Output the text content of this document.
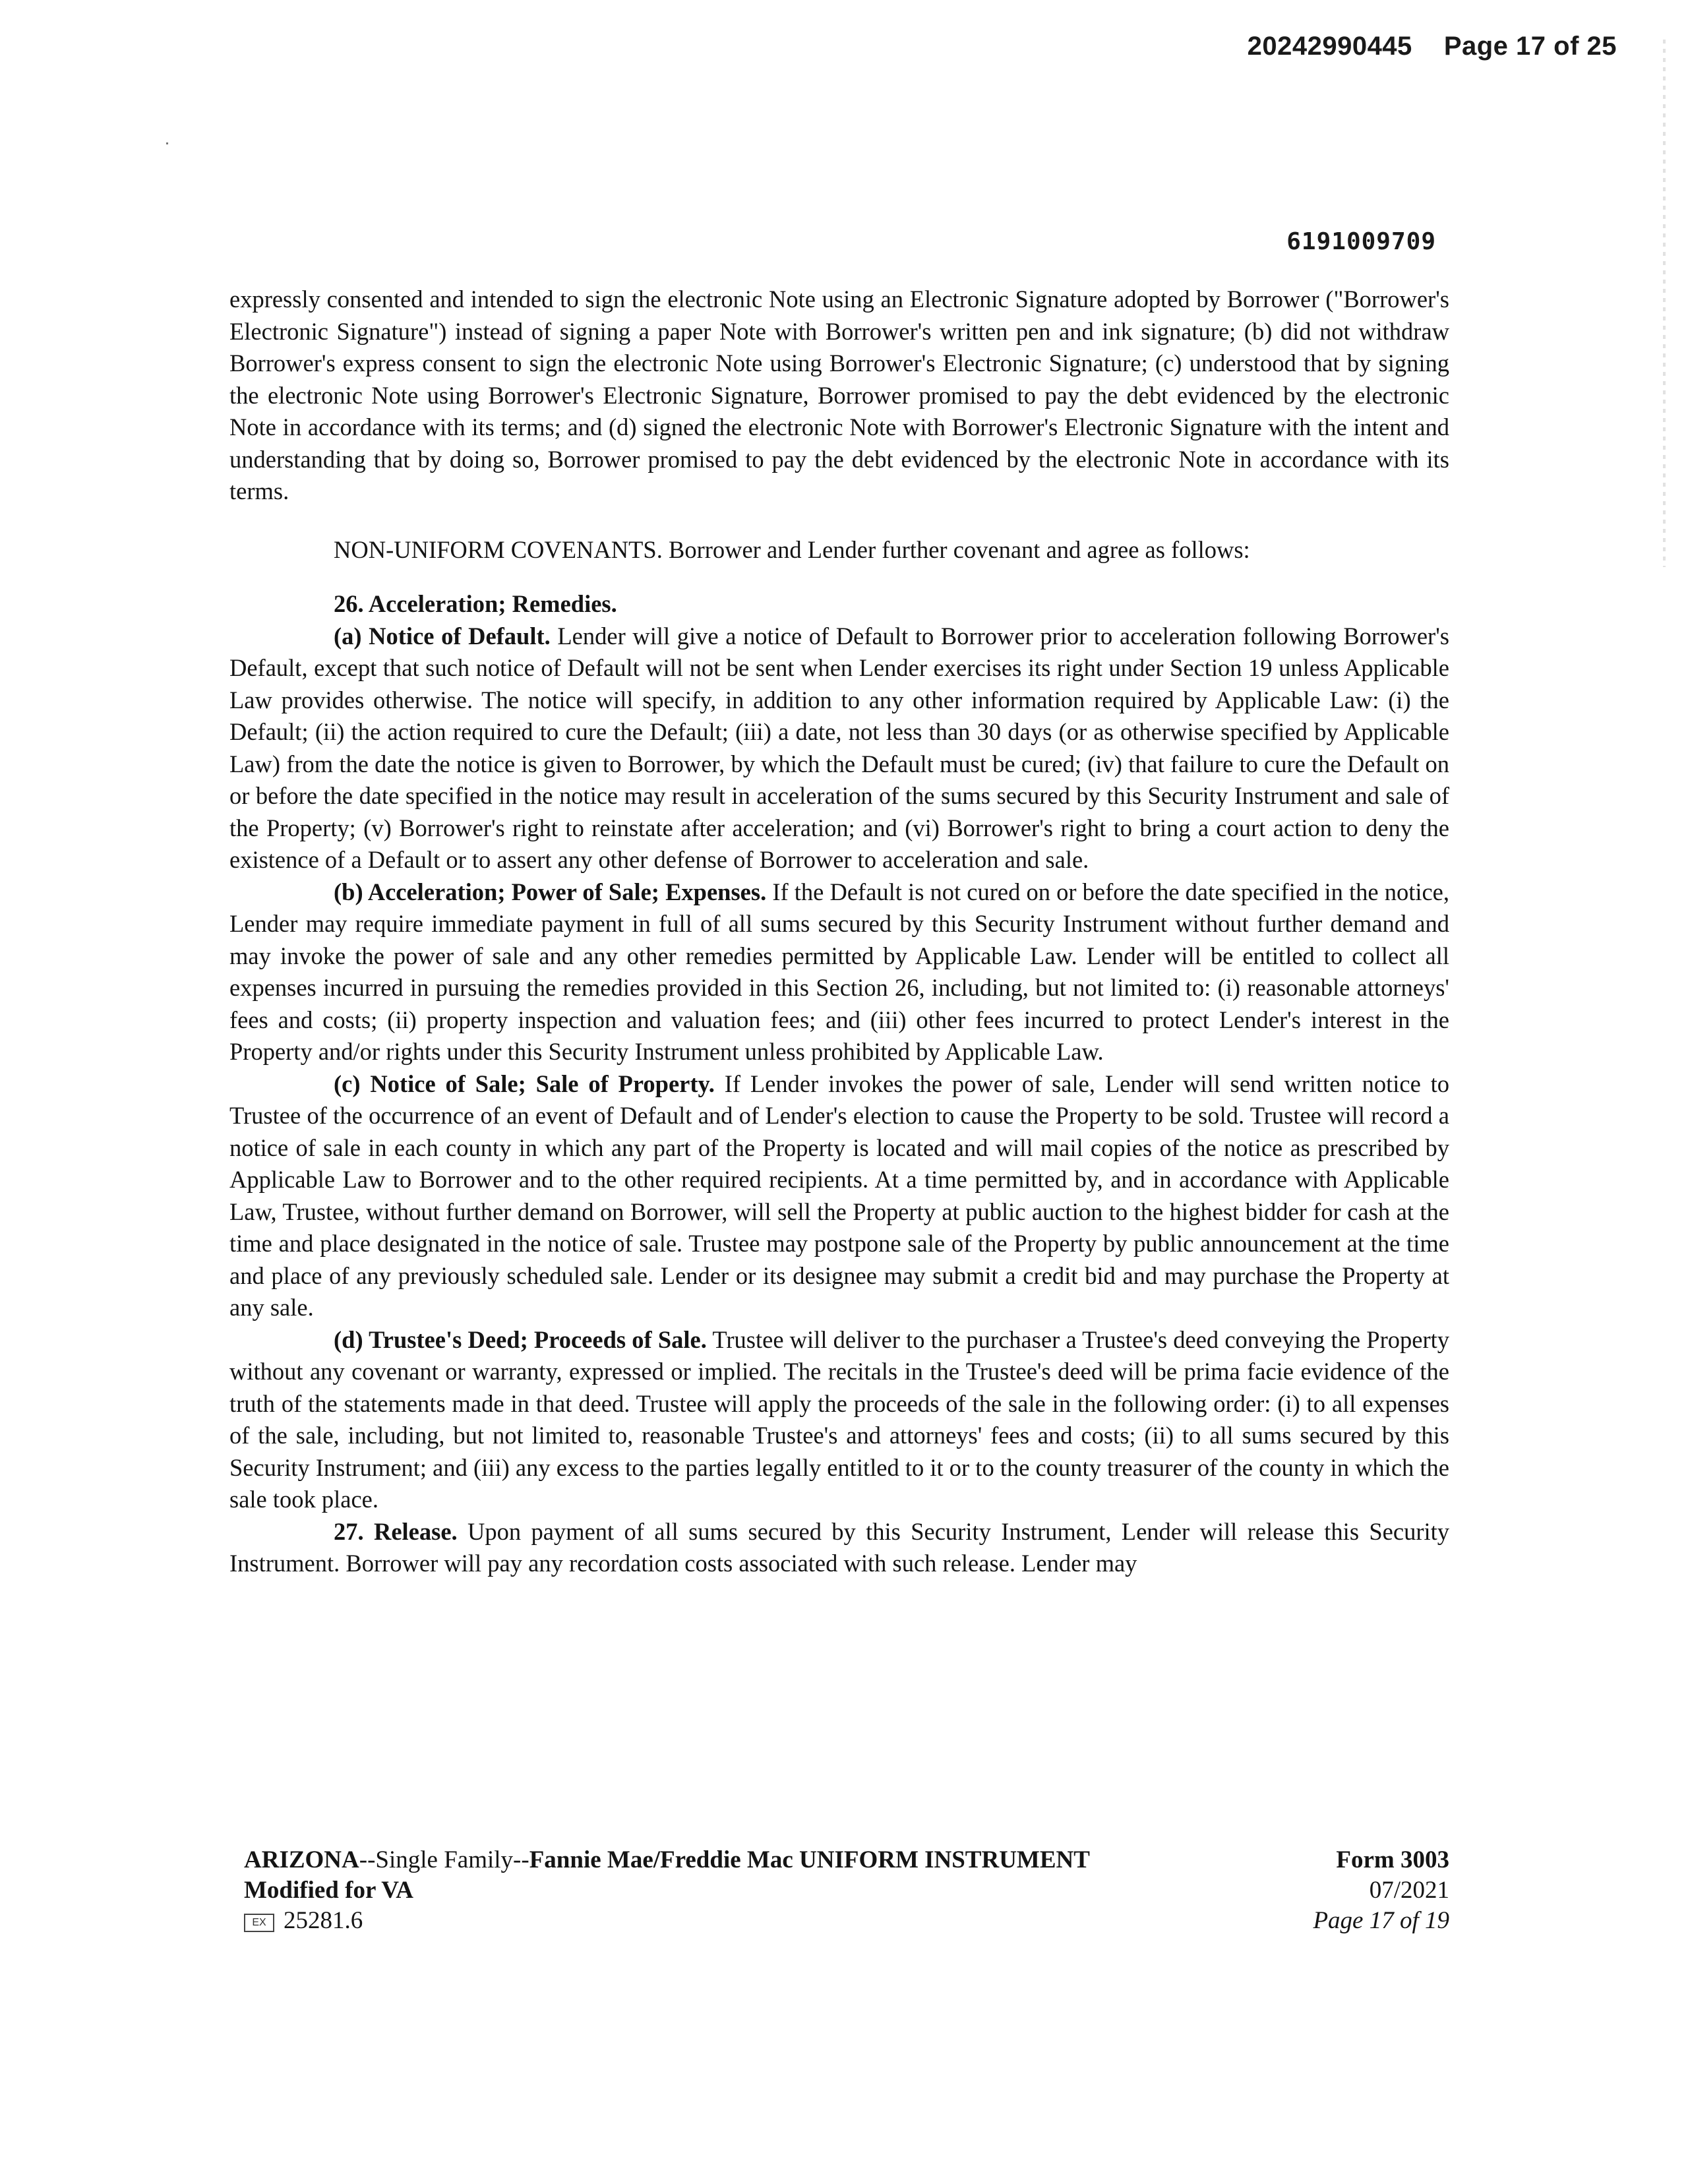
20242990445 Page 17 of 25
6191009709

expressly consented and intended to sign the electronic Note using an Electronic Signature adopted by Borrower ("Borrower's Electronic Signature") instead of signing a paper Note with Borrower's written pen and ink signature; (b) did not withdraw Borrower's express consent to sign the electronic Note using Borrower's Electronic Signature; (c) understood that by signing the electronic Note using Borrower's Electronic Signature, Borrower promised to pay the debt evidenced by the electronic Note in accordance with its terms; and (d) signed the electronic Note with Borrower's Electronic Signature with the intent and understanding that by doing so, Borrower promised to pay the debt evidenced by the electronic Note in accordance with its terms.

NON-UNIFORM COVENANTS. Borrower and Lender further covenant and agree as follows:

26. Acceleration; Remedies.

(a) Notice of Default. Lender will give a notice of Default to Borrower prior to acceleration following Borrower's Default, except that such notice of Default will not be sent when Lender exercises its right under Section 19 unless Applicable Law provides otherwise. The notice will specify, in addition to any other information required by Applicable Law: (i) the Default; (ii) the action required to cure the Default; (iii) a date, not less than 30 days (or as otherwise specified by Applicable Law) from the date the notice is given to Borrower, by which the Default must be cured; (iv) that failure to cure the Default on or before the date specified in the notice may result in acceleration of the sums secured by this Security Instrument and sale of the Property; (v) Borrower's right to reinstate after acceleration; and (vi) Borrower's right to bring a court action to deny the existence of a Default or to assert any other defense of Borrower to acceleration and sale.

(b) Acceleration; Power of Sale; Expenses. If the Default is not cured on or before the date specified in the notice, Lender may require immediate payment in full of all sums secured by this Security Instrument without further demand and may invoke the power of sale and any other remedies permitted by Applicable Law. Lender will be entitled to collect all expenses incurred in pursuing the remedies provided in this Section 26, including, but not limited to: (i) reasonable attorneys' fees and costs; (ii) property inspection and valuation fees; and (iii) other fees incurred to protect Lender's interest in the Property and/or rights under this Security Instrument unless prohibited by Applicable Law.

(c) Notice of Sale; Sale of Property. If Lender invokes the power of sale, Lender will send written notice to Trustee of the occurrence of an event of Default and of Lender's election to cause the Property to be sold. Trustee will record a notice of sale in each county in which any part of the Property is located and will mail copies of the notice as prescribed by Applicable Law to Borrower and to the other required recipients. At a time permitted by, and in accordance with Applicable Law, Trustee, without further demand on Borrower, will sell the Property at public auction to the highest bidder for cash at the time and place designated in the notice of sale. Trustee may postpone sale of the Property by public announcement at the time and place of any previously scheduled sale. Lender or its designee may submit a credit bid and may purchase the Property at any sale.

(d) Trustee's Deed; Proceeds of Sale. Trustee will deliver to the purchaser a Trustee's deed conveying the Property without any covenant or warranty, expressed or implied. The recitals in the Trustee's deed will be prima facie evidence of the truth of the statements made in that deed. Trustee will apply the proceeds of the sale in the following order: (i) to all expenses of the sale, including, but not limited to, reasonable Trustee's and attorneys' fees and costs; (ii) to all sums secured by this Security Instrument; and (iii) any excess to the parties legally entitled to it or to the county treasurer of the county in which the sale took place.

27. Release. Upon payment of all sums secured by this Security Instrument, Lender will release this Security Instrument. Borrower will pay any recordation costs associated with such release. Lender may

ARIZONA--Single Family--Fannie Mae/Freddie Mac UNIFORM INSTRUMENT
Modified for VA
EX 25281.6
Form 3003
07/2021
Page 17 of 19
